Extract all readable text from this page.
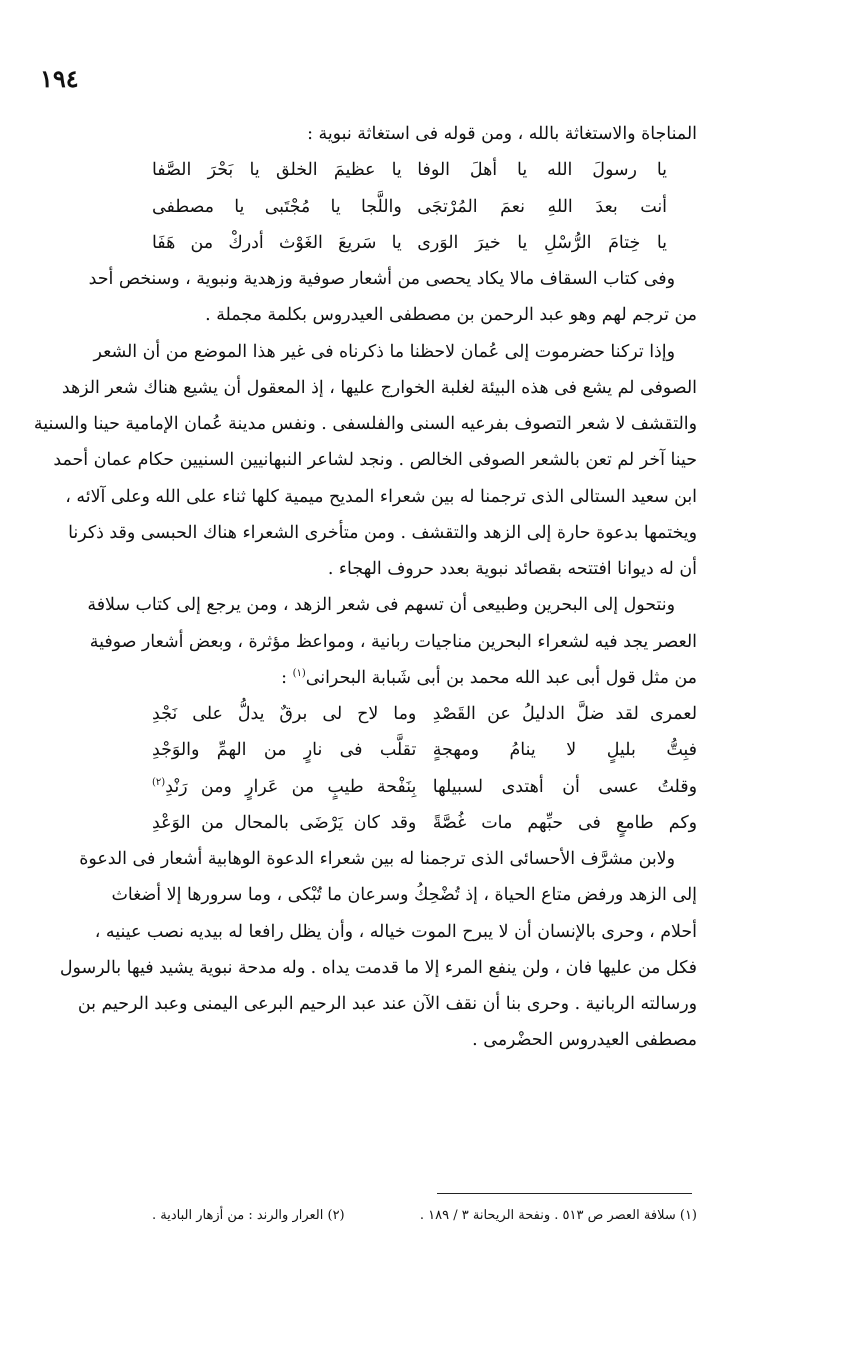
١٩٤
المناجاة والاستغاثة بالله ، ومن قوله فى استغاثة نبوية :
يا رسولَ الله يا أهلَ الوفا
يا عظيمَ الخلق يا بَحْرَ الصَّفا
أنت بعدَ اللهِ نعمَ المُرْتجَى
واللَّجا يا مُجْتَبى يا مصطفى
يا خِتامَ الرُّسْلِ يا خيرَ الوَرى
يا سَريعَ الغَوْث أدركْ من هَفَا
وفى كتاب السقاف مالا يكاد يحصى من أشعار صوفية وزهدية ونبوية ، وسنخص أحد
من ترجم لهم وهو عبد الرحمن بن مصطفى العيدروس بكلمة مجملة .
وإذا تركنا حضرموت إلى عُمان لاحظنا ما ذكرناه فى غير هذا الموضع من أن الشعر
الصوفى لم يشع فى هذه البيئة لغلبة الخوارج عليها ، إذ المعقول أن يشيع هناك شعر الزهد
والتقشف لا شعر التصوف بفرعيه السنى والفلسفى . ونفس مدينة عُمان الإمامية حينا والسنية
حينا آخر لم تعن بالشعر الصوفى الخالص . ونجد لشاعر النبهانيين السنيين حكام عمان أحمد
ابن سعيد الستالى الذى ترجمنا له بين شعراء المديح ميمية كلها ثناء على الله وعلى آلائه ،
ويختمها بدعوة حارة إلى الزهد والتقشف . ومن متأخرى الشعراء هناك الحبسى وقد ذكرنا
أن له ديوانا افتتحه بقصائد نبوية بعدد حروف الهجاء .
ونتحول إلى البحرين وطبيعى أن تسهم فى شعر الزهد ، ومن يرجع إلى كتاب سلافة
العصر يجد فيه لشعراء البحرين مناجيات ربانية ، ومواعظ مؤثرة ، وبعض أشعار صوفية
من مثل قول أبى عبد الله محمد بن أبى شَبابة البحرانى$^{(١)}$ :
لعمرى لقد ضلَّ الدليلُ عن القَصْدِ
وما لاح لى برقٌ يدلُّ على نَجْدِ
فبِتُّ بليلٍ لا ينامُ ومهجةٍ
تقلَّب فى نارٍ من الهمِّ والوَجْدِ
وقلتُ عسى أن أهتدى لسبيلها
بِنَفْحة طيبٍ من عَرارٍ ومن رَنْدِ$^{(٢)}$
وكم طامعٍ فى حبِّهم مات غُصَّةً
وقد كان يَرْضَى بالمحال من الوَعْدِ
ولابن مشرَّف الأحسائى الذى ترجمنا له بين شعراء الدعوة الوهابية أشعار فى الدعوة
إلى الزهد ورفض متاع الحياة ، إذ تُضْحِكُ وسرعان ما تُبْكى ، وما سرورها إلا أضغاث
أحلام ، وحرى بالإنسان أن لا يبرح الموت خياله ، وأن يظل رافعا له بيديه نصب عينيه ،
فكل من عليها فان ، ولن ينفع المرء إلا ما قدمت يداه . وله مدحة نبوية يشيد فيها بالرسول
ورسالته الربانية . وحرى بنا أن نقف الآن عند عبد الرحيم البرعى اليمنى وعبد الرحيم بن
مصطفى العيدروس الحضْرمى .
(١) سلافة العصر ص ٥١٣ . ونفحة الريحانة ٣ / ١٨٩ .
(٢) العرار والرند : من أزهار البادية .
